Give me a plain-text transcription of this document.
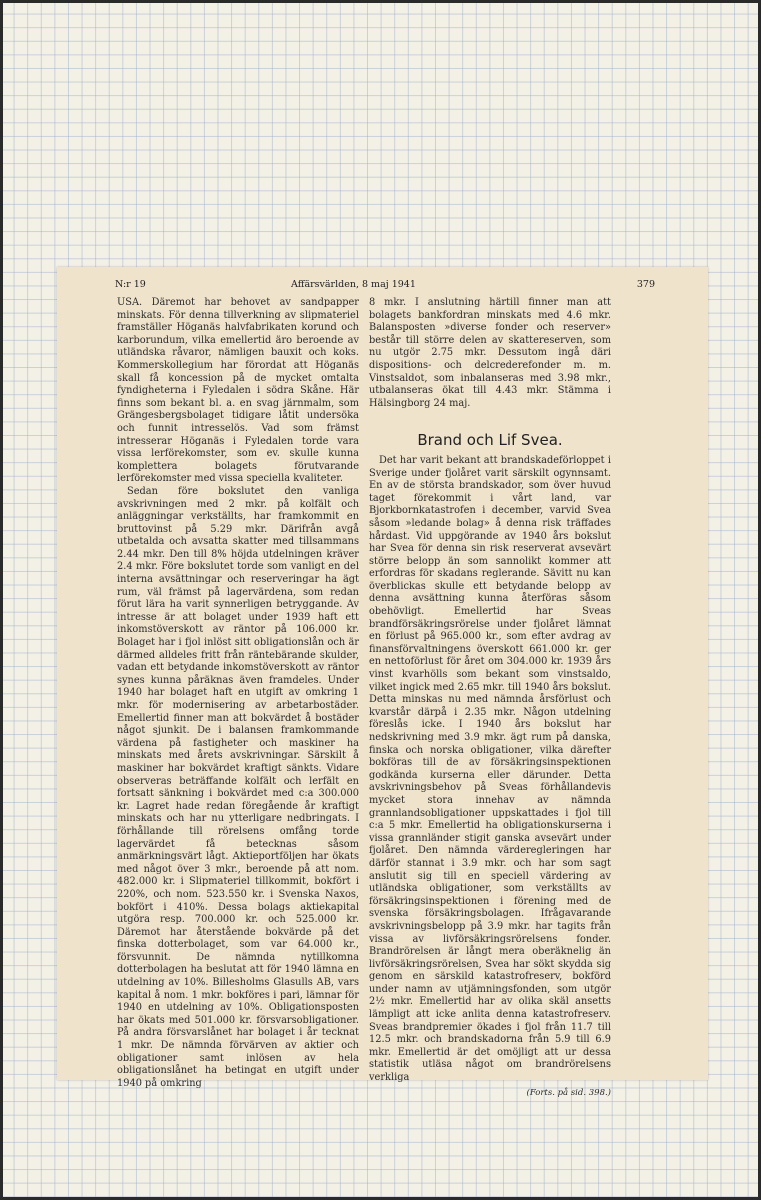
N:r 19	Affärsvärlden, 8 maj 1941	379

USA. Däremot har behovet av sandpapper minskats. För denna tillverkning av slipmateriel framställer Höganäs halvfabrikaten korund och karborundum, vilka emellertid äro beroende av utländska råvaror, nämligen bauxit och koks. Kommerskollegium har förordat att Höganäs skall få koncession på de mycket omtalta fyndigheterna i Fyledalen i södra Skåne. Här finns som bekant bl. a. en svag järnmalm, som Grängesbergsbolaget tidigare låtit undersöka och funnit intresselös. Vad som främst intresserar Höganäs i Fyledalen torde vara vissa lerförekomster, som ev. skulle kunna komplettera bolagets förutvarande lerförekomster med vissa speciella kvaliteter.

Sedan före bokslutet den vanliga avskrivningen med 2 mkr. på kolfält och anläggningar verkställts, har framkommit en bruttovinst på 5.29 mkr. Därifrån avgå utbetalda och avsatta skatter med tillsammans 2.44 mkr. Den till 8% höjda utdelningen kräver 2.4 mkr. Före bokslutet torde som vanligt en del interna avsättningar och reserveringar ha ägt rum, väl främst på lagervärdena, som redan förut lära ha varit synnerligen betryggande. Av intresse är att bolaget under 1939 haft ett inkomstöverskott av räntor på 106.000 kr. Bolaget har i fjol inlöst sitt obligationslån och är därmed alldeles fritt från räntebärande skulder, vadan ett betydande inkomstöverskott av räntor synes kunna påräknas även framdeles. Under 1940 har bolaget haft en utgift av omkring 1 mkr. för modernisering av arbetarbostäder. Emellertid finner man att bokvärdet å bostäder något sjunkit. De i balansen framkommande värdena på fastigheter och maskiner ha minskats med årets avskrivningar. Särskilt å maskiner har bokvärdet kraftigt sänkts. Vidare observeras beträffande kolfält och lerfält en fortsatt sänkning i bokvärdet med c:a 300.000 kr. Lagret hade redan föregående år kraftigt minskats och har nu ytterligare nedbringats. I förhållande till rörelsens omfång torde lagervärdet få betecknas såsom anmärkningsvärt lågt. Aktieportföljen har ökats med något över 3 mkr., beroende på att nom. 482.000 kr. i Slipmateriel tillkommit, bokfört i 220%, och nom. 523.550 kr. i Svenska Naxos, bokfört i 410%. Dessa bolags aktiekapital utgöra resp. 700.000 kr. och 525.000 kr. Däremot har återstående bokvärde på det finska dotterbolaget, som var 64.000 kr., försvunnit. De nämnda nytillkomna dotterbolagen ha beslutat att för 1940 lämna en utdelning av 10%. Billesholms Glasulls AB, vars kapital å nom. 1 mkr. bokföres i pari, lämnar för 1940 en utdelning av 10%. Obligationsposten har ökats med 501.000 kr. försvarsobligationer. På andra försvarslånet har bolaget i år tecknat 1 mkr. De nämnda förvärven av aktier och obligationer samt inlösen av hela obligationslånet ha betingat en utgift under 1940 på omkring

8 mkr. I anslutning härtill finner man att bolagets bankfordran minskats med 4.6 mkr. Balansposten »diverse fonder och reserver» består till större delen av skattereserven, som nu utgör 2.75 mkr. Dessutom ingå däri dispositions- och delcrederefonder m. m. Vinstsaldot, som inbalanseras med 3.98 mkr., utbalanseras ökat till 4.43 mkr. Stämma i Hälsingborg 24 maj.

Brand och Lif Svea.

Det har varit bekant att brandskadeförloppet i Sverige under fjolåret varit särskilt ogynnsamt. En av de största brandskador, som över huvud taget förekommit i vårt land, var Bjorkbornkatastrofen i december, varvid Svea såsom »ledande bolag» å denna risk träffades hårdast. Vid uppgörande av 1940 års bokslut har Svea för denna sin risk reserverat avsevärt större belopp än som sannolikt kommer att erfordras för skadans reglerande. Sävitt nu kan överblickas skulle ett betydande belopp av denna avsättning kunna återföras såsom obehövligt. Emellertid har Sveas brandförsäkringsrörelse under fjolåret lämnat en förlust på 965.000 kr., som efter avdrag av finansförvaltningens överskott 661.000 kr. ger en nettoförlust för året om 304.000 kr. 1939 års vinst kvarhölls som bekant som vinstsaldo, vilket ingick med 2.65 mkr. till 1940 års bokslut. Detta minskas nu med nämnda årsförlust och kvarstår därpå i 2.35 mkr. Någon utdelning föreslås icke. I 1940 års bokslut har nedskrivning med 3.9 mkr. ägt rum på danska, finska och norska obligationer, vilka därefter bokföras till de av försäkringsinspektionen godkända kurserna eller därunder. Detta avskrivningsbehov på Sveas förhållandevis mycket stora innehav av nämnda grannlandsobligationer uppskattades i fjol till c:a 5 mkr. Emellertid ha obligationskurserna i vissa grannländer stigit ganska avsevärt under fjolåret. Den nämnda värderegleringen har därför stannat i 3.9 mkr. och har som sagt anslutit sig till en speciell värdering av utländska obligationer, som verkställts av försäkringsinspektionen i förening med de svenska försäkringsbolagen. Ifrågavarande avskrivningsbelopp på 3.9 mkr. har tagits från vissa av livförsäkringsrörelsens fonder. Brandrörelsen är långt mera oberäknelig än livförsäkringsrörelsen, Svea har sökt skydda sig genom en särskild katastrofreserv, bokförd under namn av utjämningsfonden, som utgör 2½ mkr. Emellertid har av olika skäl ansetts lämpligt att icke anlita denna katastrofreserv. Sveas brandpremier ökades i fjol från 11.7 till 12.5 mkr. och brandskadorna från 5.9 till 6.9 mkr. Emellertid är det omöjligt att ur dessa statistik utläsa något om brandrörelsens verkliga

(Forts. på sid. 398.)
